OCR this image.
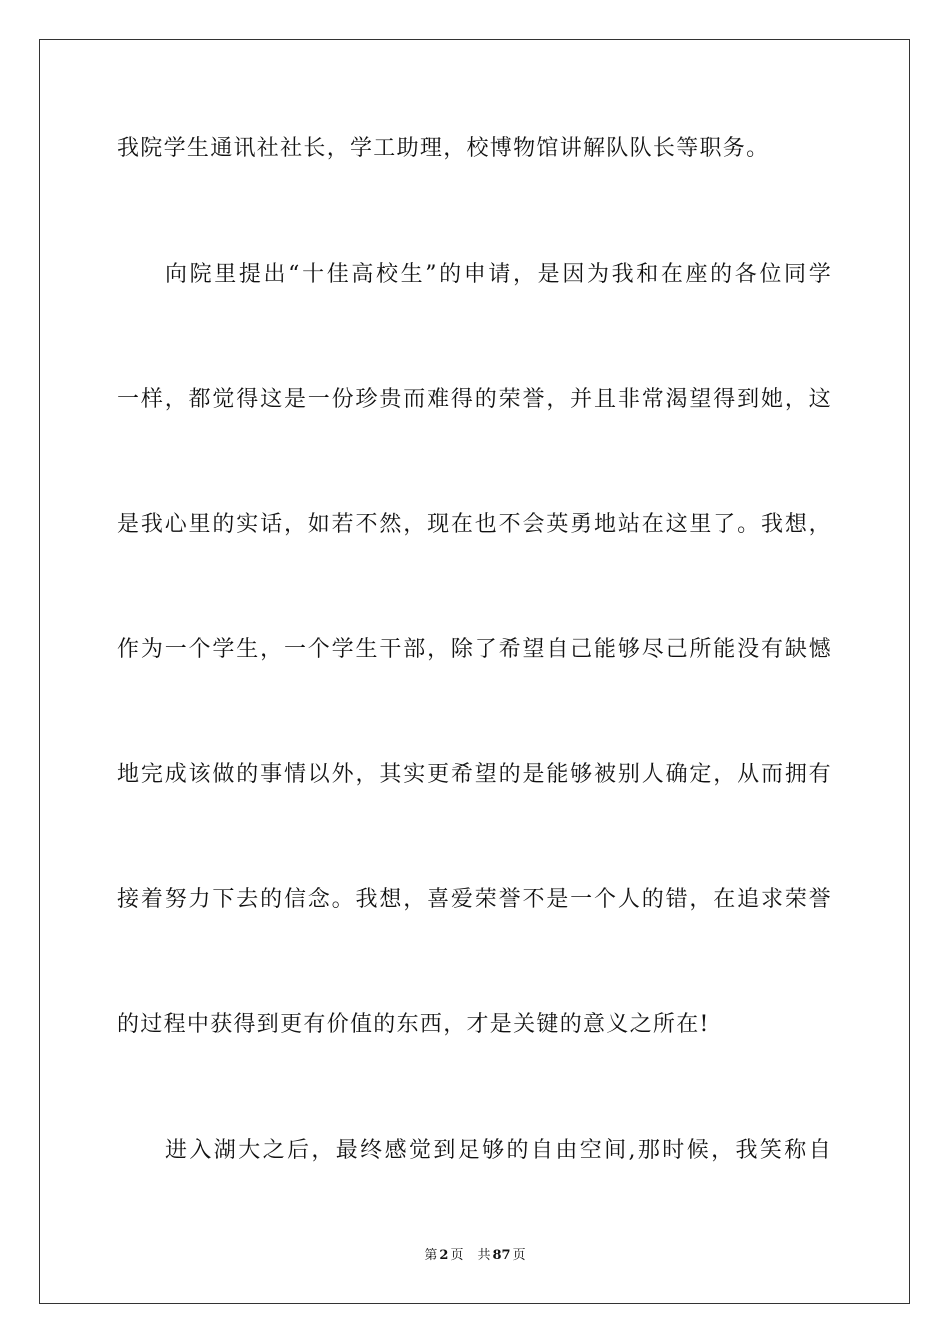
我院学生通讯社社长，学工助理，校博物馆讲解队队长等职务。
向院里提出“十佳高校生”的申请，是因为我和在座的各位同学
一样，都觉得这是一份珍贵而难得的荣誉，并且非常渴望得到她，这
是我心里的实话，如若不然，现在也不会英勇地站在这里了。我想，
作为一个学生，一个学生干部，除了希望自己能够尽己所能没有缺憾
地完成该做的事情以外，其实更希望的是能够被别人确定，从而拥有
接着努力下去的信念。我想，喜爱荣誉不是一个人的错，在追求荣誉
的过程中获得到更有价值的东西，才是关键的意义之所在!
进入湖大之后，最终感觉到足够的自由空间,那时候，我笑称自
第 2 页 共 87 页
